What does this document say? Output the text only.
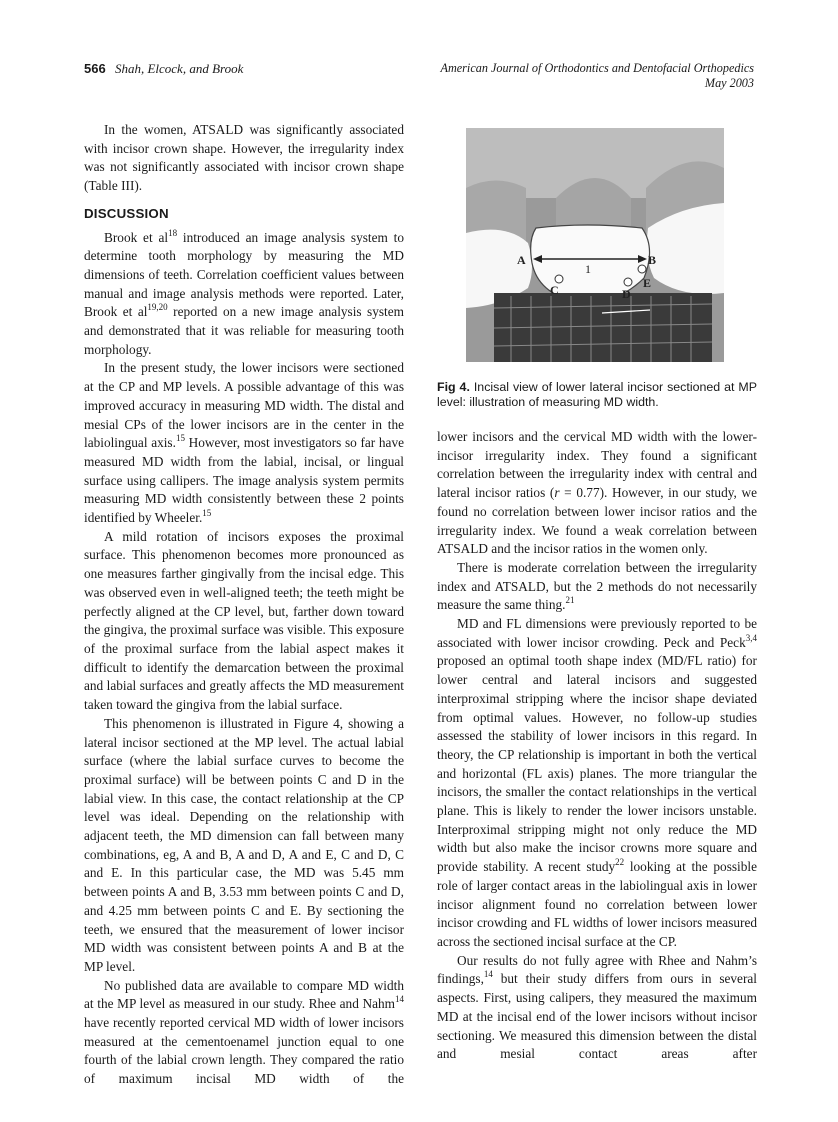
566 Shah, Elcock, and Brook	American Journal of Orthodontics and Dentofacial Orthopedics
May 2003

In the women, ATSALD was significantly associated with incisor crown shape. However, the irregularity index was not significantly associated with incisor crown shape (Table III).

DISCUSSION

Brook et $al^{18}$ introduced an image analysis system to determine tooth morphology by measuring the MD dimensions of teeth. Correlation coefficient values between manual and image analysis methods were reported. Later, Brook et al$^{19,20}$ reported on a new image analysis system and demonstrated that it was reliable for measuring tooth morphology.

In the present study, the lower incisors were sectioned at the CP and MP levels. A possible advantage of this was improved accuracy in measuring MD width. The distal and mesial CPs of the lower incisors are in the center in the labiolingual axis.$^{15}$ However, most investigators so far have measured MD width from the labial, incisal, or lingual surface using callipers. The image analysis system permits measuring MD width consistently between these 2 points identified by Wheeler.$^{15}$

A mild rotation of incisors exposes the proximal surface. This phenomenon becomes more pronounced as one measures farther gingivally from the incisal edge. This was observed even in well-aligned teeth; the teeth might be perfectly aligned at the CP level, but, farther down toward the gingiva, the proximal surface was visible. This exposure of the proximal surface from the labial aspect makes it difficult to identify the demarcation between the proximal and labial surfaces and greatly affects the MD measurement taken toward the gingiva from the labial surface.

This phenomenon is illustrated in Figure 4, showing a lateral incisor sectioned at the MP level. The actual labial surface (where the labial surface curves to become the proximal surface) will be between points C and D in the labial view. In this case, the contact relationship at the CP level was ideal. Depending on the relationship with adjacent teeth, the MD dimension can fall between many combinations, eg, A and B, A and D, A and E, C and D, C and E. In this particular case, the MD was 5.45 mm between points A and B, 3.53 mm between points C and D, and 4.25 mm between points C and E. By sectioning the teeth, we ensured that the measurement of lower incisor MD width was consistent between points A and B at the MP level.

No published data are available to compare MD width at the MP level as measured in our study. Rhee and Nahm$^{14}$ have recently reported cervical MD width of lower incisors measured at the cementoenamel junction equal to one fourth of the labial crown length. They compared the ratio of maximum incisal MD width of the

A	B
C	D
E
1
Fig 4. Incisal view of lower lateral incisor sectioned at MP level: illustration of measuring MD width.

lower incisors and the cervical MD width with the lower-incisor irregularity index. They found a significant correlation between the irregularity index with central and lateral incisor ratios (r = 0.77). However, in our study, we found no correlation between lower incisor ratios and the irregularity index. We found a weak correlation between ATSALD and the incisor ratios in the women only.

There is moderate correlation between the irregularity index and ATSALD, but the 2 methods do not necessarily measure the same thing.$^{21}$

MD and FL dimensions were previously reported to be associated with lower incisor crowding. Peck and Peck$^{3,4}$ proposed an optimal tooth shape index (MD/FL ratio) for lower central and lateral incisors and suggested interproximal stripping where the incisor shape deviated from optimal values. However, no follow-up studies assessed the stability of lower incisors in this regard. In theory, the CP relationship is important in both the vertical and horizontal (FL axis) planes. The more triangular the incisors, the smaller the contact relationships in the vertical plane. This is likely to render the lower incisors unstable. Interproximal stripping might not only reduce the MD width but also make the incisor crowns more square and provide stability. A recent study$^{22}$ looking at the possible role of larger contact areas in the labiolingual axis in lower incisor alignment found no correlation between lower incisor crowding and FL widths of lower incisors measured across the sectioned incisal surface at the CP.

Our results do not fully agree with Rhee and Nahm’s findings,$^{14}$ but their study differs from ours in several aspects. First, using calipers, they measured the maximum MD at the incisal end of the lower incisors without incisor sectioning. We measured this dimension between the distal and mesial contact areas after
